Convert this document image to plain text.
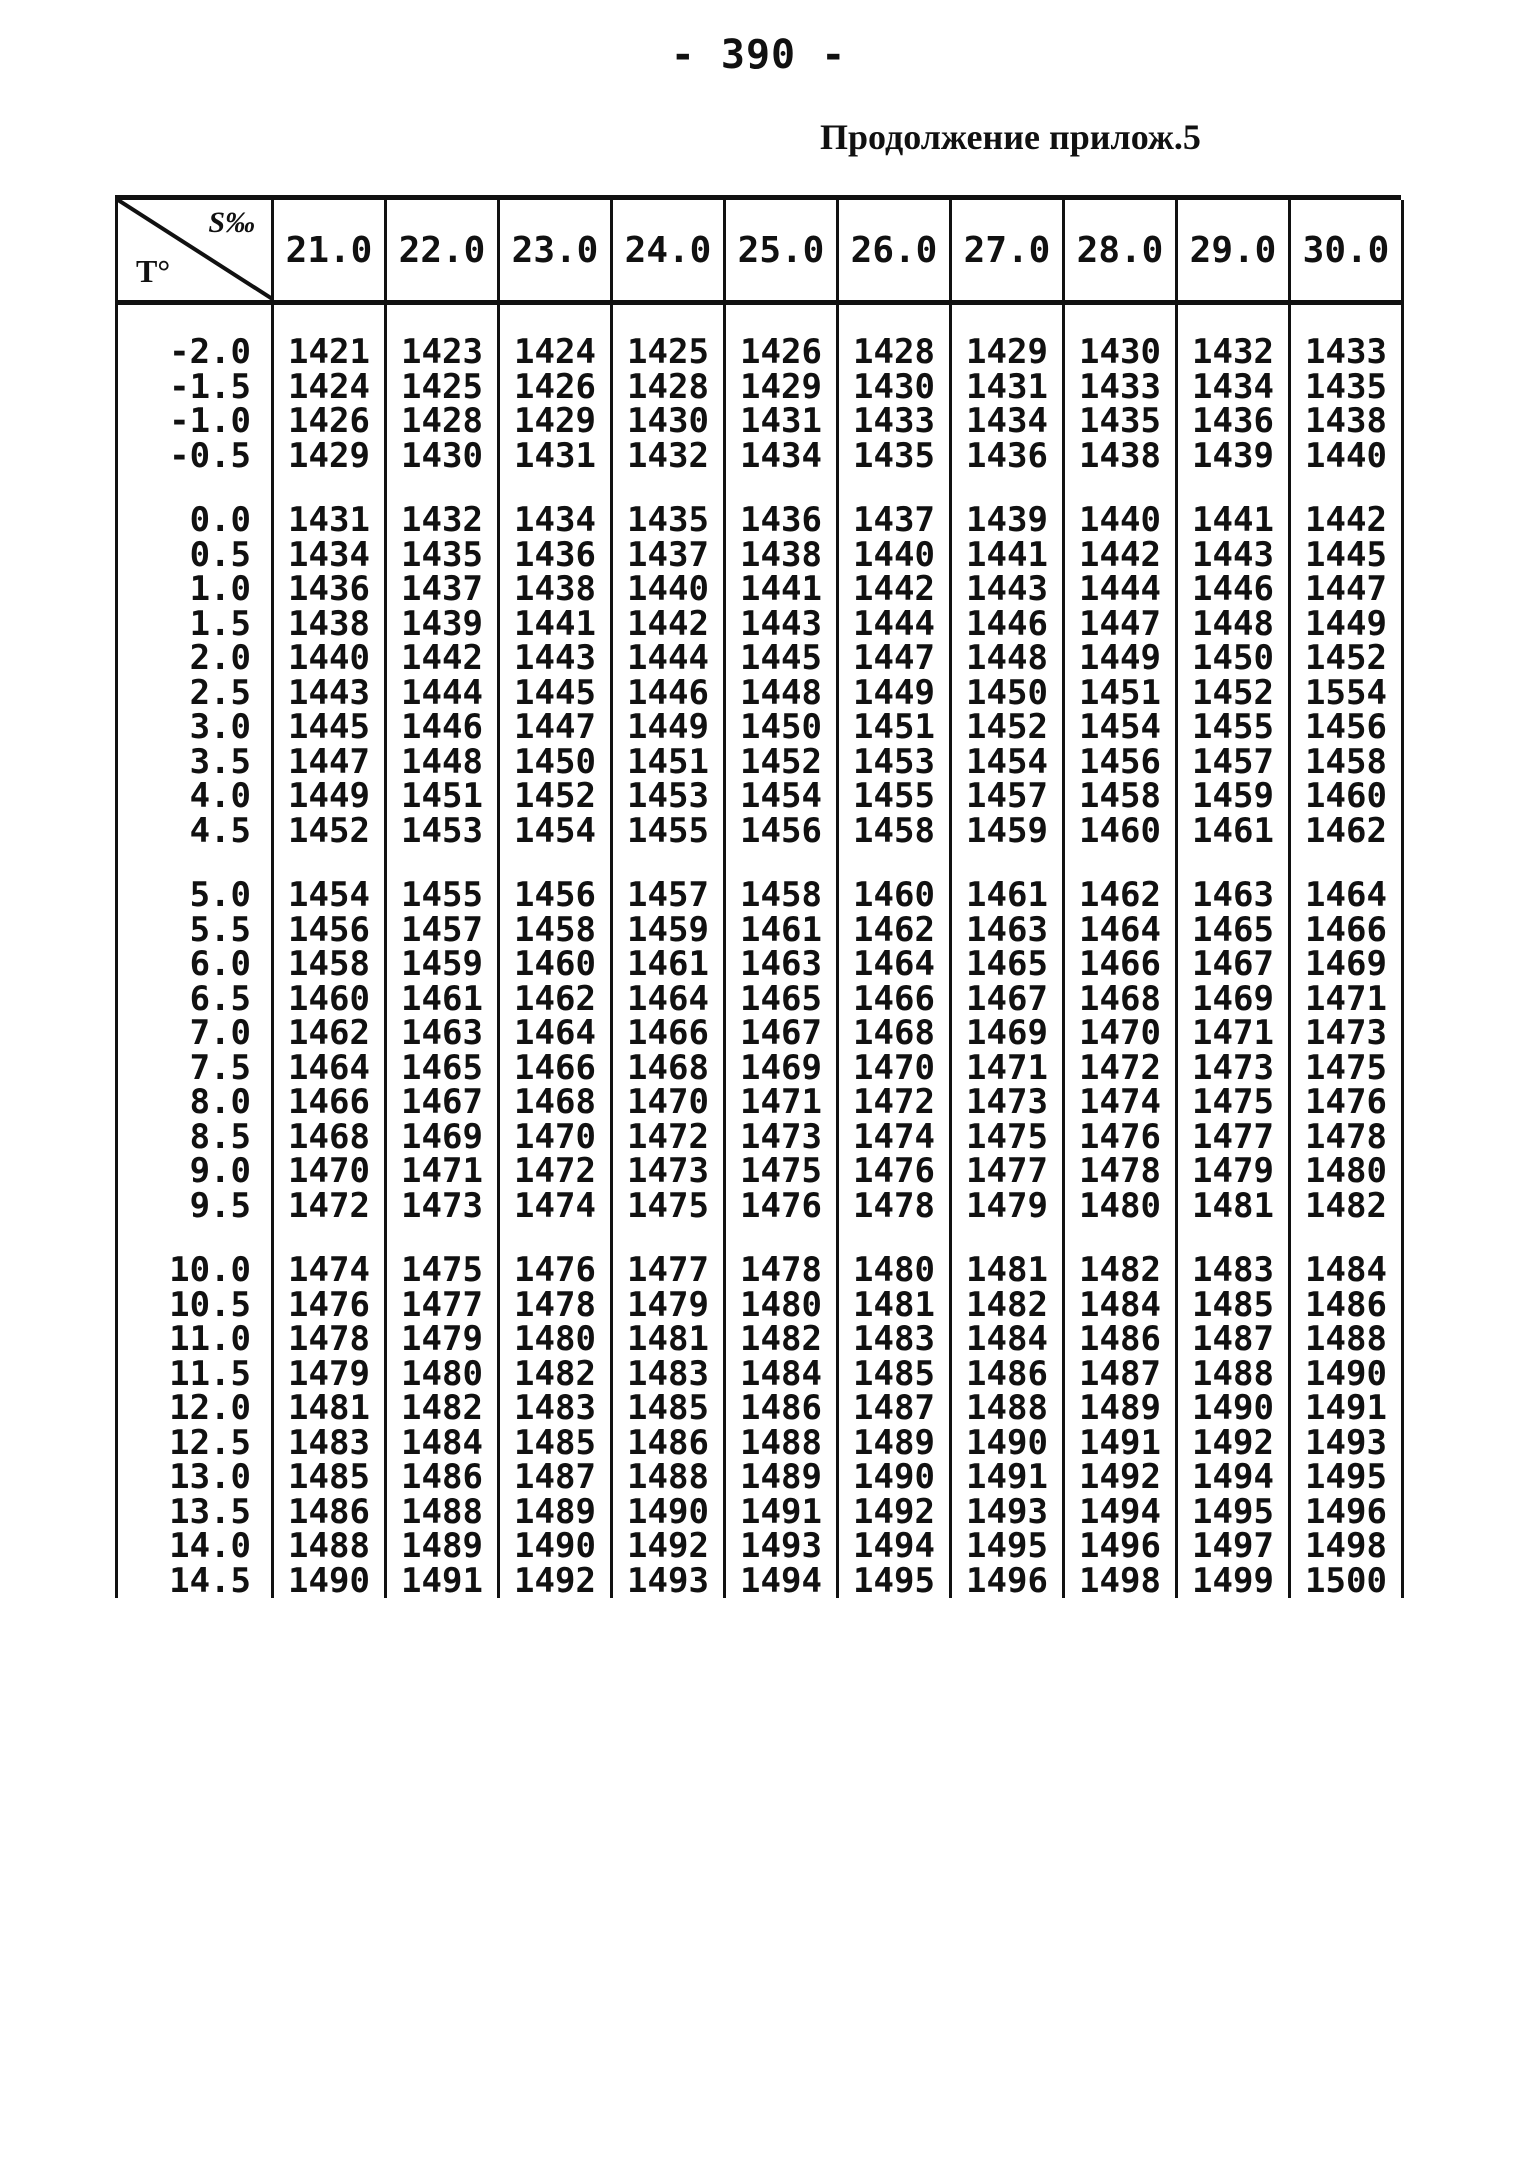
- 390 -
Продолжение прилож.5
S‰
T°	21.0	22.0	23.0	24.0	25.0	26.0	27.0	28.0	29.0	30.0

-2.0	1421	1423	1424	1425	1426	1428	1429	1430	1432	1433
-1.5	1424	1425	1426	1428	1429	1430	1431	1433	1434	1435
-1.0	1426	1428	1429	1430	1431	1433	1434	1435	1436	1438
-0.5	1429	1430	1431	1432	1434	1435	1436	1438	1439	1440

0.0	1431	1432	1434	1435	1436	1437	1439	1440	1441	1442
0.5	1434	1435	1436	1437	1438	1440	1441	1442	1443	1445
1.0	1436	1437	1438	1440	1441	1442	1443	1444	1446	1447
1.5	1438	1439	1441	1442	1443	1444	1446	1447	1448	1449
2.0	1440	1442	1443	1444	1445	1447	1448	1449	1450	1452
2.5	1443	1444	1445	1446	1448	1449	1450	1451	1452	1554
3.0	1445	1446	1447	1449	1450	1451	1452	1454	1455	1456
3.5	1447	1448	1450	1451	1452	1453	1454	1456	1457	1458
4.0	1449	1451	1452	1453	1454	1455	1457	1458	1459	1460
4.5	1452	1453	1454	1455	1456	1458	1459	1460	1461	1462

5.0	1454	1455	1456	1457	1458	1460	1461	1462	1463	1464
5.5	1456	1457	1458	1459	1461	1462	1463	1464	1465	1466
6.0	1458	1459	1460	1461	1463	1464	1465	1466	1467	1469
6.5	1460	1461	1462	1464	1465	1466	1467	1468	1469	1471
7.0	1462	1463	1464	1466	1467	1468	1469	1470	1471	1473
7.5	1464	1465	1466	1468	1469	1470	1471	1472	1473	1475
8.0	1466	1467	1468	1470	1471	1472	1473	1474	1475	1476
8.5	1468	1469	1470	1472	1473	1474	1475	1476	1477	1478
9.0	1470	1471	1472	1473	1475	1476	1477	1478	1479	1480
9.5	1472	1473	1474	1475	1476	1478	1479	1480	1481	1482

10.0	1474	1475	1476	1477	1478	1480	1481	1482	1483	1484
10.5	1476	1477	1478	1479	1480	1481	1482	1484	1485	1486
11.0	1478	1479	1480	1481	1482	1483	1484	1486	1487	1488
11.5	1479	1480	1482	1483	1484	1485	1486	1487	1488	1490
12.0	1481	1482	1483	1485	1486	1487	1488	1489	1490	1491
12.5	1483	1484	1485	1486	1488	1489	1490	1491	1492	1493
13.0	1485	1486	1487	1488	1489	1490	1491	1492	1494	1495
13.5	1486	1488	1489	1490	1491	1492	1493	1494	1495	1496
14.0	1488	1489	1490	1492	1493	1494	1495	1496	1497	1498
14.5	1490	1491	1492	1493	1494	1495	1496	1498	1499	1500
